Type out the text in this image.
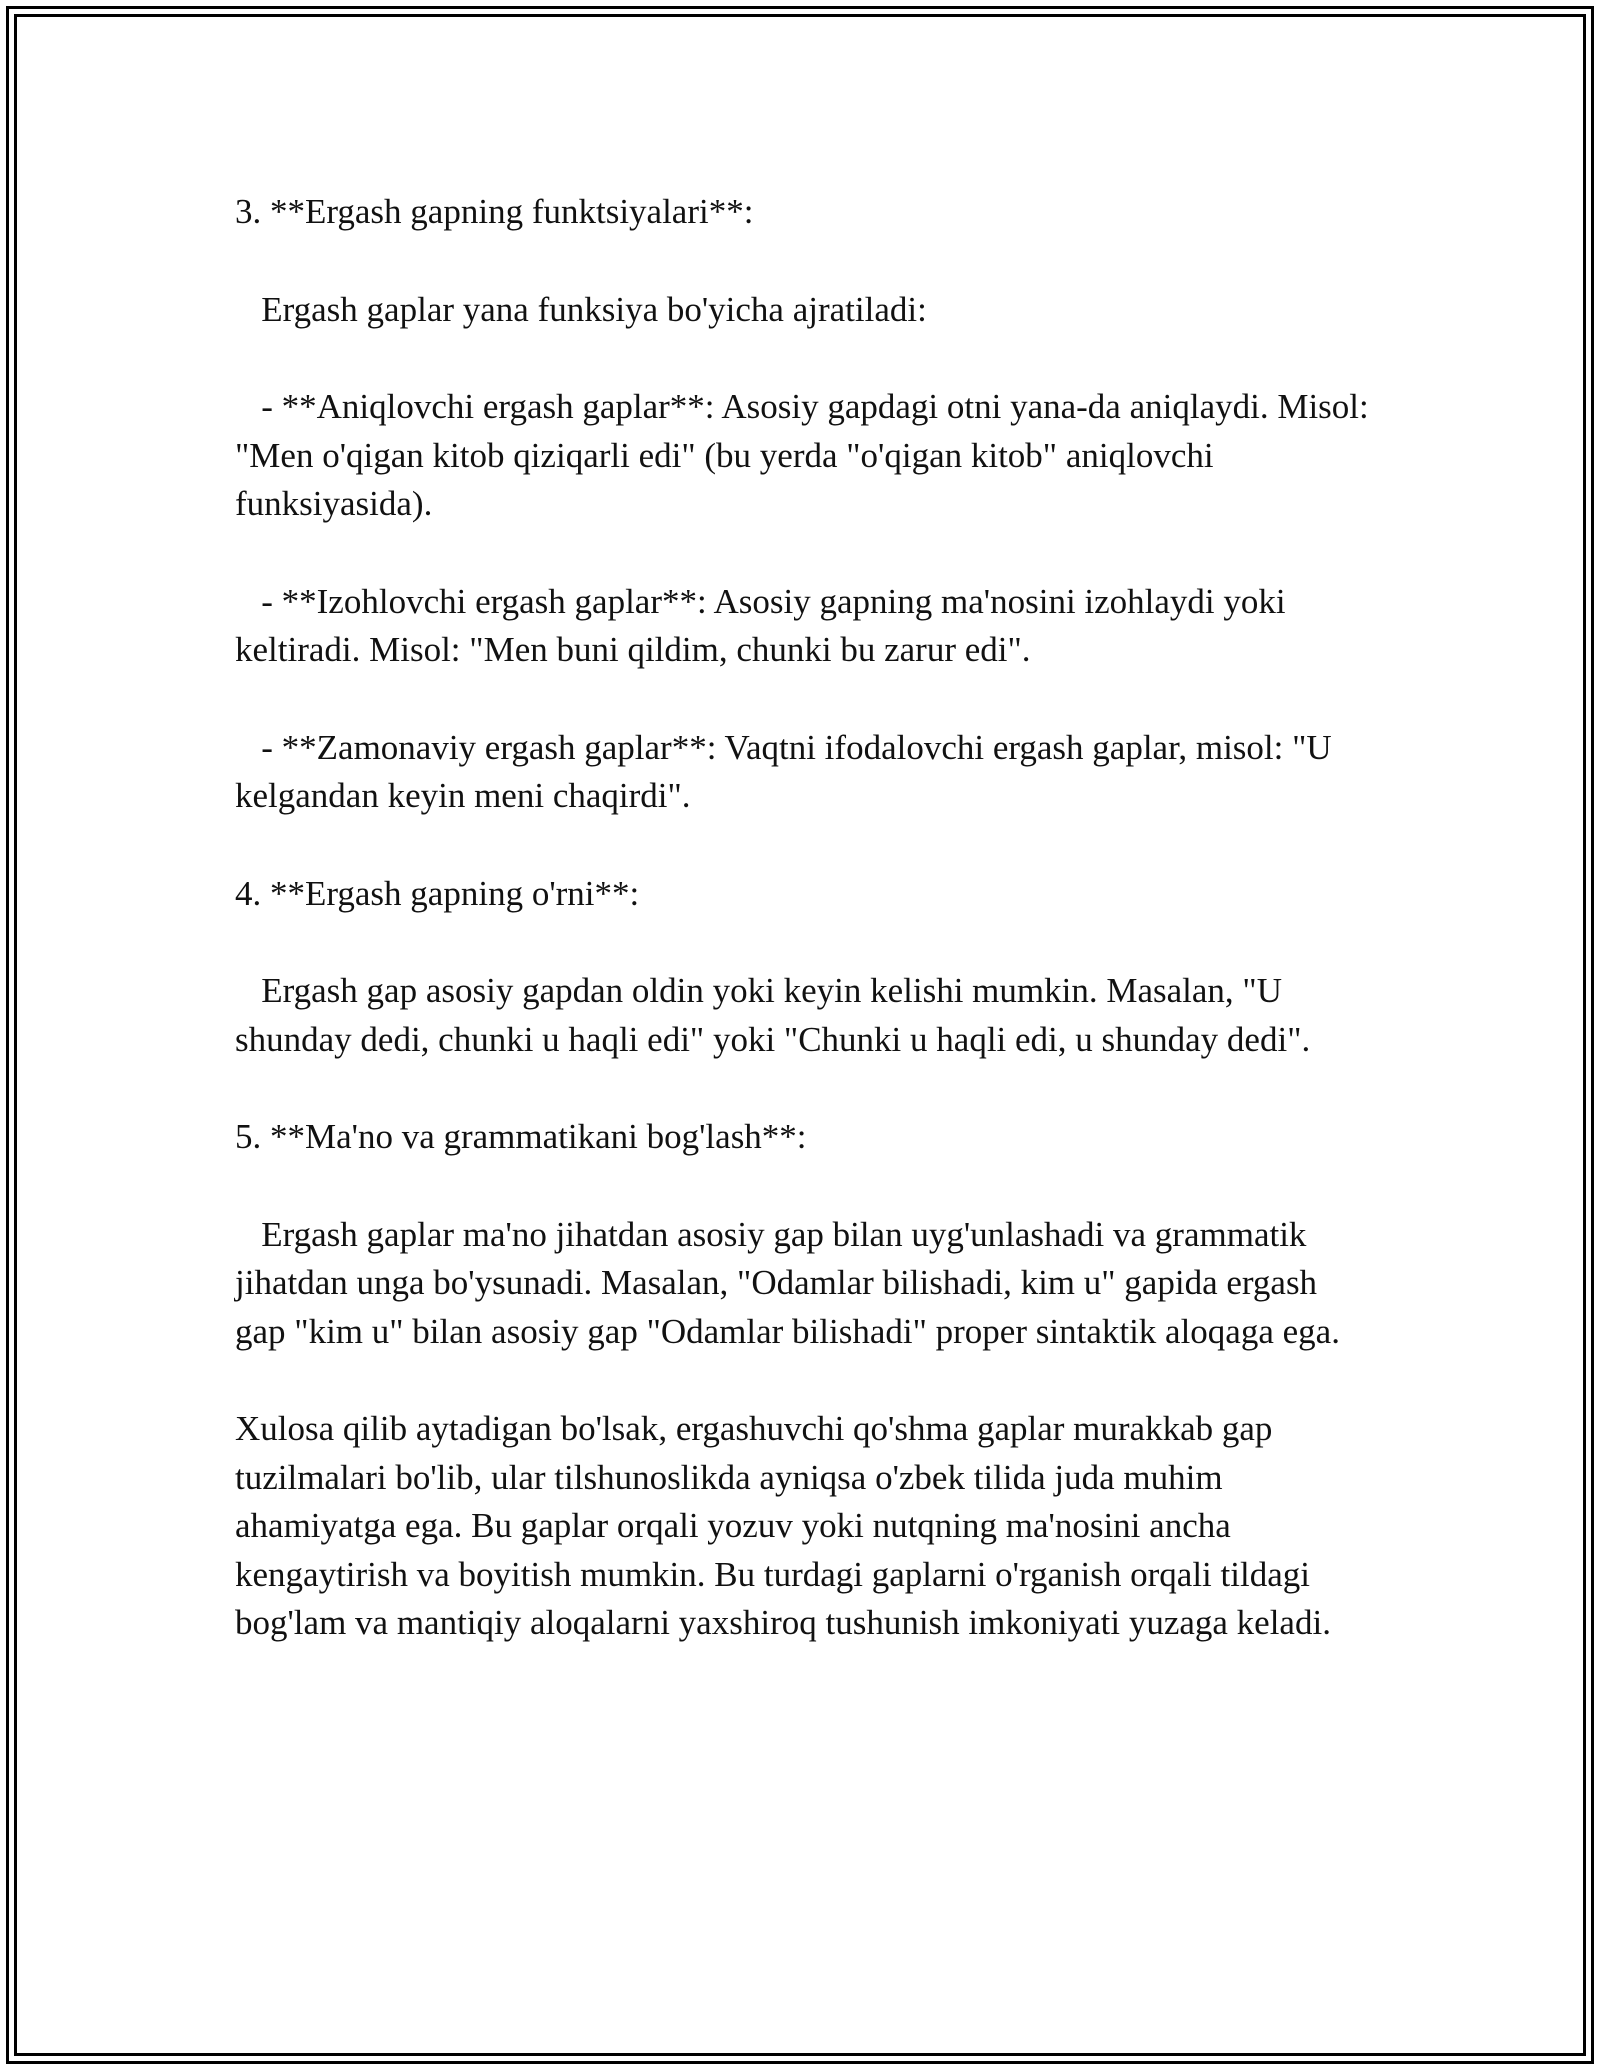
3. **Ergash gapning funktsiyalari**:

Ergash gaplar yana funksiya bo'yicha ajratiladi:

- **Aniqlovchi ergash gaplar**: Asosiy gapdagi otni yana-da aniqlaydi. Misol: "Men o'qigan kitob qiziqarli edi" (bu yerda "o'qigan kitob" aniqlovchi funksiyasida).

- **Izohlovchi ergash gaplar**: Asosiy gapning ma'nosini izohlaydi yoki keltiradi. Misol: "Men buni qildim, chunki bu zarur edi".

- **Zamonaviy ergash gaplar**: Vaqtni ifodalovchi ergash gaplar, misol: "U kelgandan keyin meni chaqirdi".

4. **Ergash gapning o'rni**:

Ergash gap asosiy gapdan oldin yoki keyin kelishi mumkin. Masalan, "U shunday dedi, chunki u haqli edi" yoki "Chunki u haqli edi, u shunday dedi".

5. **Ma'no va grammatikani bog'lash**:

Ergash gaplar ma'no jihatdan asosiy gap bilan uyg'unlashadi va grammatik jihatdan unga bo'ysunadi. Masalan, "Odamlar bilishadi, kim u" gapida ergash gap "kim u" bilan asosiy gap "Odamlar bilishadi" proper sintaktik aloqaga ega.

Xulosa qilib aytadigan bo'lsak, ergashuvchi qo'shma gaplar murakkab gap tuzilmalari bo'lib, ular tilshunoslikda ayniqsa o'zbek tilida juda muhim ahamiyatga ega. Bu gaplar orqali yozuv yoki nutqning ma'nosini ancha kengaytirish va boyitish mumkin. Bu turdagi gaplarni o'rganish orqali tildagi bog'lam va mantiqiy aloqalarni yaxshiroq tushunish imkoniyati yuzaga keladi.
